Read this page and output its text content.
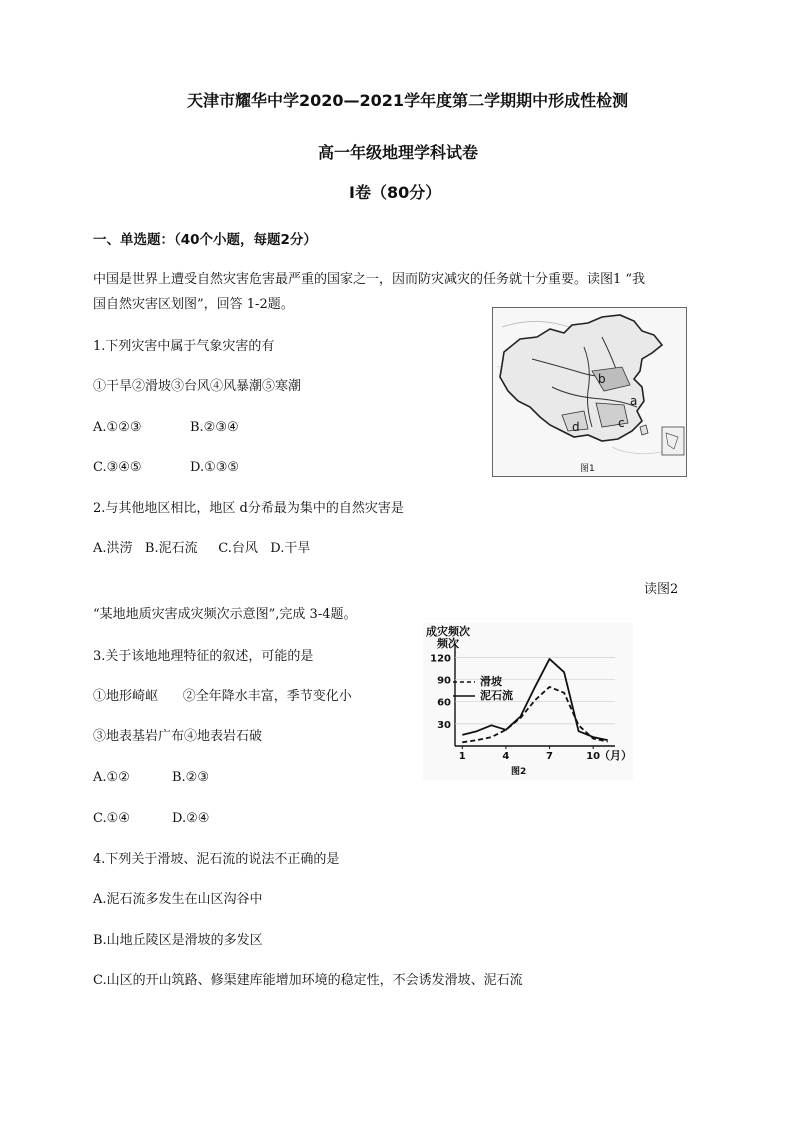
天津市耀华中学2020—2021学年度第二学期期中形成性检测
高一年级地理学科试卷
I卷（80分）
一、单选题：（40个小题，每题2分）
中国是世界上遭受自然灾害危害最严重的国家之一，因而防灾减灾的任务就十分重要。读图1 “我
国自然灾害区划图”，回答 1-2题。
1.下列灾害中属于气象灾害的有
①干旱②滑坡③台风④风暴潮⑤寒潮
A.①②③	B.②③④
C.③④⑤	D.①③⑤
2.与其他地区相比，地区 d分希最为集中的自然灾害是
A.洪涝   B.泥石流     C.台风   D.干旱
读图2
“某地地质灾害成灾频次示意图”,完成 3-4题。
3.关于该地地理特征的叙述，可能的是
①地形崎岖      ②全年降水丰富，季节变化小
③地表基岩广布④地表岩石破
A.①②	B.②③
C.①④	D.②④
4.下列关于滑坡、泥石流的说法不正确的是
A.泥石流多发生在山区沟谷中
B.山地丘陵区是滑坡的多发区
C.山区的开山筑路、修渠建库能增加环境的稳定性，不会诱发滑坡、泥石流
b
a
c
d
图1
30
60
90
120
1	4	7	10
成灾频次
频次
滑坡
泥石流
（月）
图2
